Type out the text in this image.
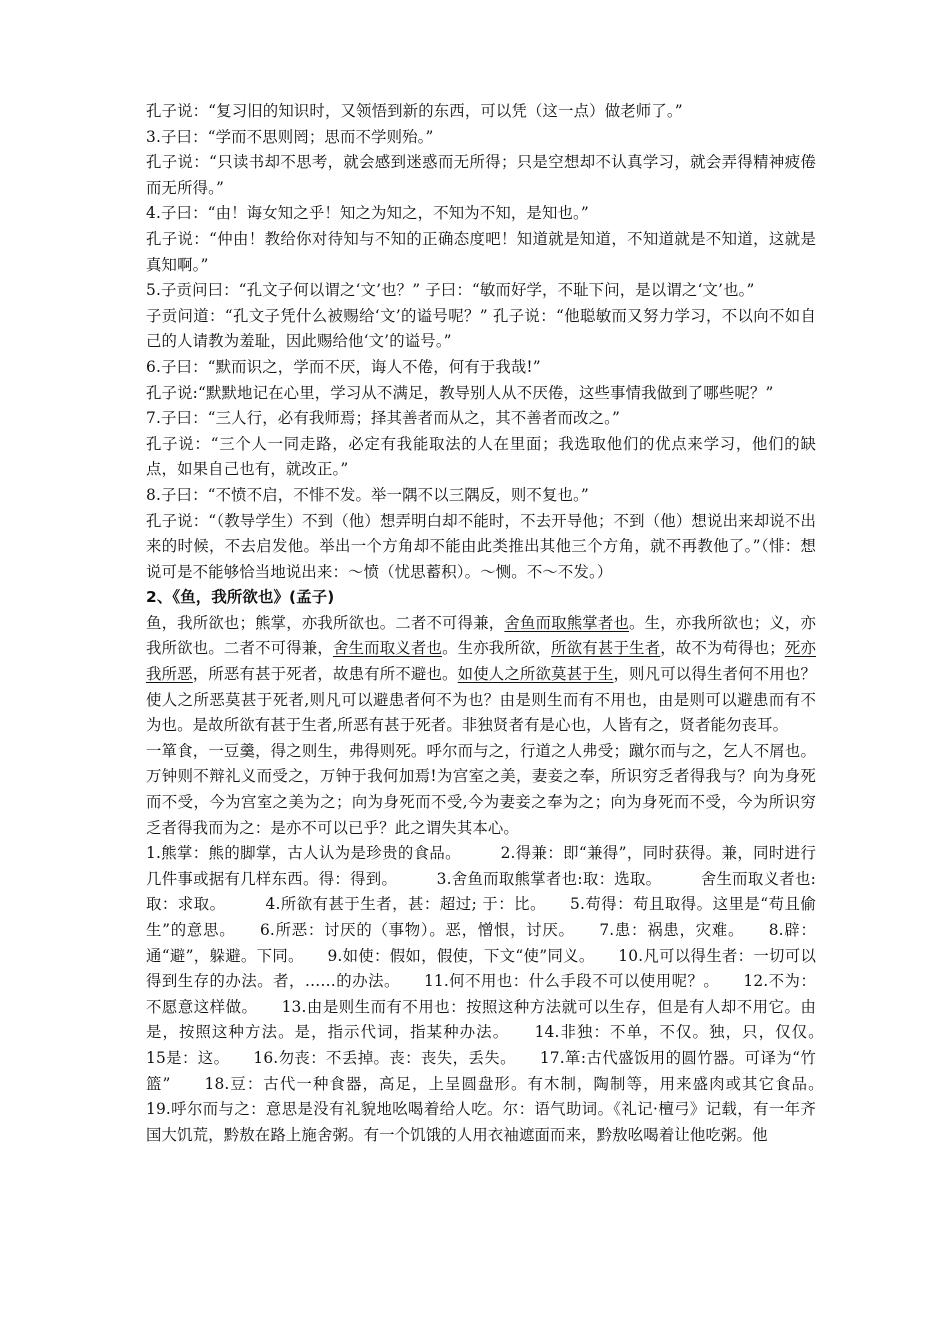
孔子说：“复习旧的知识时，又领悟到新的东西，可以凭（这一点）做老师了。”

3.子曰：“学而不思则罔；思而不学则殆。”

孔子说：“只读书却不思考，就会感到迷惑而无所得；只是空想却不认真学习，就会弄得精神疲倦而无所得。”

4.子曰：“由！诲女知之乎！知之为知之，不知为不知，是知也。”

孔子说：“仲由！教给你对待知与不知的正确态度吧！知道就是知道，不知道就是不知道，这就是真知啊。”

5.子贡问曰：“孔文子何以谓之‘文’也？” 子曰：“敏而好学，不耻下问，是以谓之‘文’也。”

子贡问道：“孔文子凭什么被赐给‘文’的谥号呢？” 孔子说：“他聪敏而又努力学习，不以向不如自己的人请教为羞耻，因此赐给他‘文’的谥号。”

6.子曰：“默而识之，学而不厌，诲人不倦，何有于我哉!”

孔子说:“默默地记在心里，学习从不满足，教导别人从不厌倦，这些事情我做到了哪些呢？”

7.子曰：“三人行，必有我师焉；择其善者而从之，其不善者而改之。”

孔子说：“三个人一同走路，必定有我能取法的人在里面；我选取他们的优点来学习，他们的缺点，如果自己也有，就改正。”

8.子曰：“不愤不启，不悱不发。举一隅不以三隅反，则不复也。”

孔子说：“（教导学生）不到（他）想弄明白却不能时，不去开导他；不到（他）想说出来却说不出来的时候，不去启发他。举出一个方角却不能由此类推出其他三个方角，就不再教他了。”（悱：想说可是不能够恰当地说出来：～愤（忧思蓄积）。～恻。不～不发。）

2、《鱼，我所欲也》(孟子)

鱼，我所欲也；熊掌，亦我所欲也。二者不可得兼，舍鱼而取熊掌者也。生，亦我所欲也；义，亦我所欲也。二者不可得兼，舍生而取义者也。生亦我所欲，所欲有甚于生者，故不为苟得也；死亦我所恶，所恶有甚于死者，故患有所不避也。如使人之所欲莫甚于生，则凡可以得生者何不用也？使人之所恶莫甚于死者,则凡可以避患者何不为也？由是则生而有不用也，由是则可以避患而有不为也。是故所欲有甚于生者,所恶有甚于死者。非独贤者有是心也，人皆有之，贤者能勿丧耳。

一箪食，一豆羹，得之则生，弗得则死。呼尔而与之，行道之人弗受；蹴尔而与之，乞人不屑也。万钟则不辩礼义而受之，万钟于我何加焉!为宫室之美，妻妾之奉，所识穷乏者得我与？向为身死而不受，今为宫室之美为之；向为身死而不受,今为妻妾之奉为之；向为身死而不受，今为所识穷乏者得我而为之：是亦不可以已乎？此之谓失其本心。

1.熊掌：熊的脚掌，古人认为是珍贵的食品。　　　	2.得兼：即“兼得”，同时获得。兼，同时进行几件事或据有几样东西。得：得到。　　　	3.舍鱼而取熊掌者也:取：选取。　　　	舍生而取义者也:取：求取。　　　	4.所欲有甚于生者，甚：超过; 于：比。　　 5.苟得：苟且取得。这里是“苟且偷生”的意思。　　 6.所恶：讨厌的（事物）。恶，憎恨，讨厌。　　 7.患：祸患，灾难。　　 8.辟：通“避”，躲避。下同。　　 9.如使：假如，假使，下文“使”同义。　　 10.凡可以得生者：一切可以得到生存的办法。者，……的办法。　　 11.何不用也：什么手段不可以使用呢？。　　 12.不为：不愿意这样做。　　 13.由是则生而有不用也：按照这种方法就可以生存，但是有人却不用它。由是，按照这种方法。是，指示代词，指某种办法。　　 14.非独：不单，不仅。独，只，仅仅。　　15是：这。　　 16.勿丧：不丢掉。丧：丧失，丢失。　　 17.箪:古代盛饭用的圆竹器。可译为“竹篮”　　 18.豆：古代一种食器，高足，上呈圆盘形。有木制，陶制等，用来盛肉或其它食品。　　19.呼尔而与之：意思是没有礼貌地吆喝着给人吃。尔：语气助词。《礼记·檀弓》记载，有一年齐国大饥荒，黔敖在路上施舍粥。有一个饥饿的人用衣袖遮面而来，黔敖吆喝着让他吃粥。他
